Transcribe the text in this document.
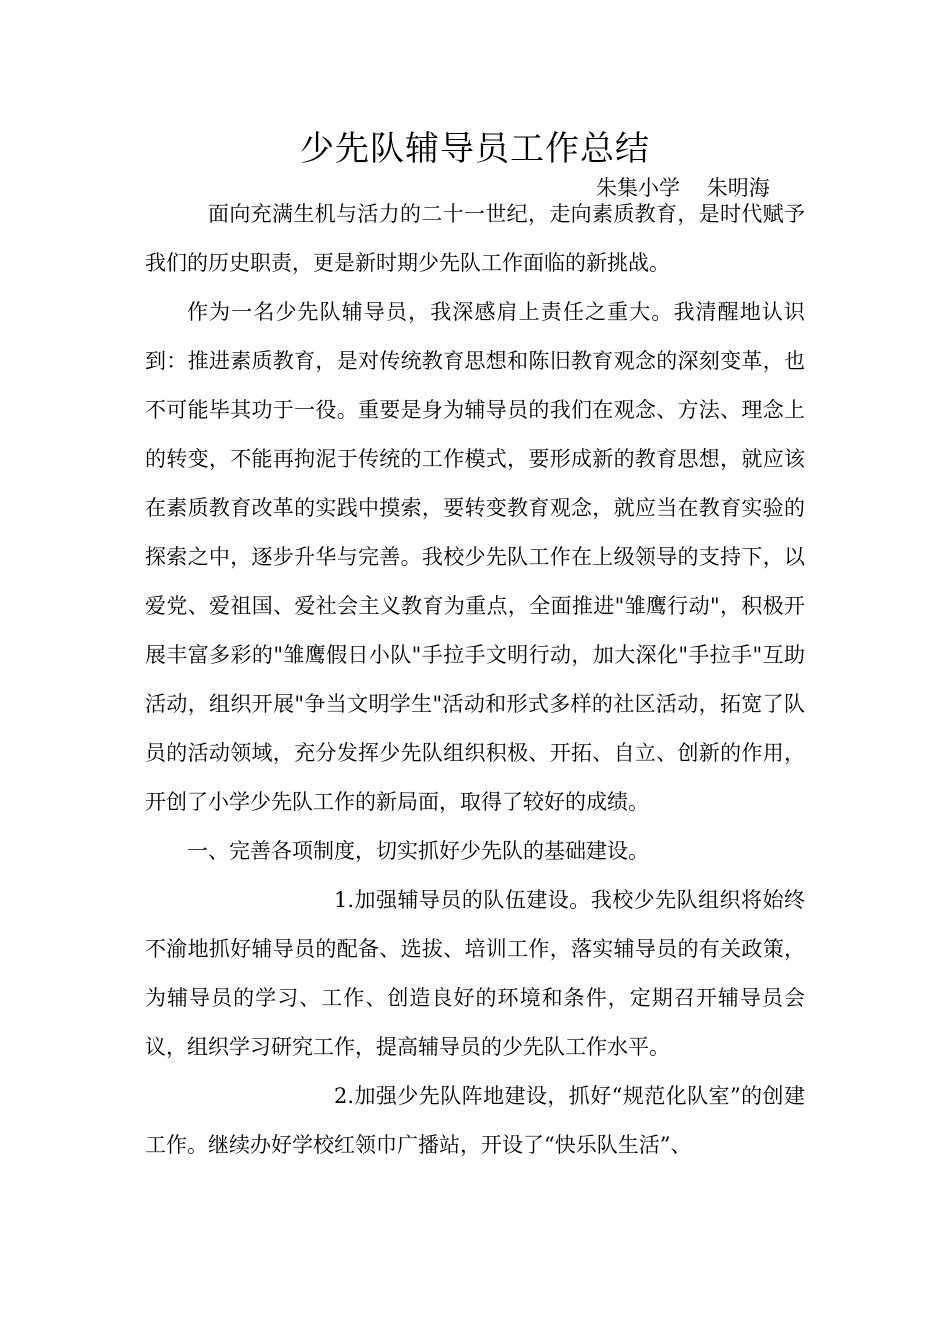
少先队辅导员工作总结
朱集小学    朱明海

面向充满生机与活力的二十一世纪，走向素质教育，是时代赋予我们的历史职责，更是新时期少先队工作面临的新挑战。

作为一名少先队辅导员，我深感肩上责任之重大。我清醒地认识到：推进素质教育，是对传统教育思想和陈旧教育观念的深刻变革，也不可能毕其功于一役。重要是身为辅导员的我们在观念、方法、理念上的转变，不能再拘泥于传统的工作模式，要形成新的教育思想，就应该在素质教育改革的实践中摸索，要转变教育观念，就应当在教育实验的探索之中，逐步升华与完善。我校少先队工作在上级领导的支持下，以爱党、爱祖国、爱社会主义教育为重点，全面推进"雏鹰行动"，积极开展丰富多彩的"雏鹰假日小队"手拉手文明行动，加大深化"手拉手"互助活动，组织开展"争当文明学生"活动和形式多样的社区活动，拓宽了队员的活动领域，充分发挥少先队组织积极、开拓、自立、创新的作用，开创了小学少先队工作的新局面，取得了较好的成绩。

一、完善各项制度，切实抓好少先队的基础建设。

1.加强辅导员的队伍建设。我校少先队组织将始终不渝地抓好辅导员的配备、选拔、培训工作，落实辅导员的有关政策，为辅导员的学习、工作、创造良好的环境和条件，定期召开辅导员会议，组织学习研究工作，提高辅导员的少先队工作水平。

2.加强少先队阵地建设，抓好“规范化队室”的创建工作。继续办好学校红领巾广播站，开设了“快乐队生活”、
